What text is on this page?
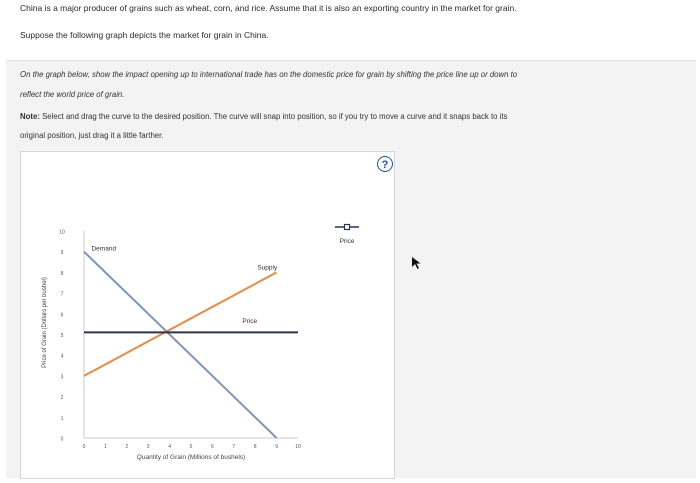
China is a major producer of grains such as wheat, corn, and rice. Assume that it is also an exporting country in the market for grain.
Suppose the following graph depicts the market for grain in China.
On the graph below, show the impact opening up to international trade has on the domestic price for grain by shifting the price line up or down to
reflect the world price of grain.
Note: Select and drag the curve to the desired position. The curve will snap into position, so if you try to move a curve and it snaps back to its
original position, just drag it a little farther.
0
1
2
3
4
5
6
7
8
9
10
0	1	2	3	4	5	6	7	8	9	10
Quantity of Grain (Millions of bushels)
Price of Grain (Dollars per bushel)
Demand
Supply
Price
Price
?
